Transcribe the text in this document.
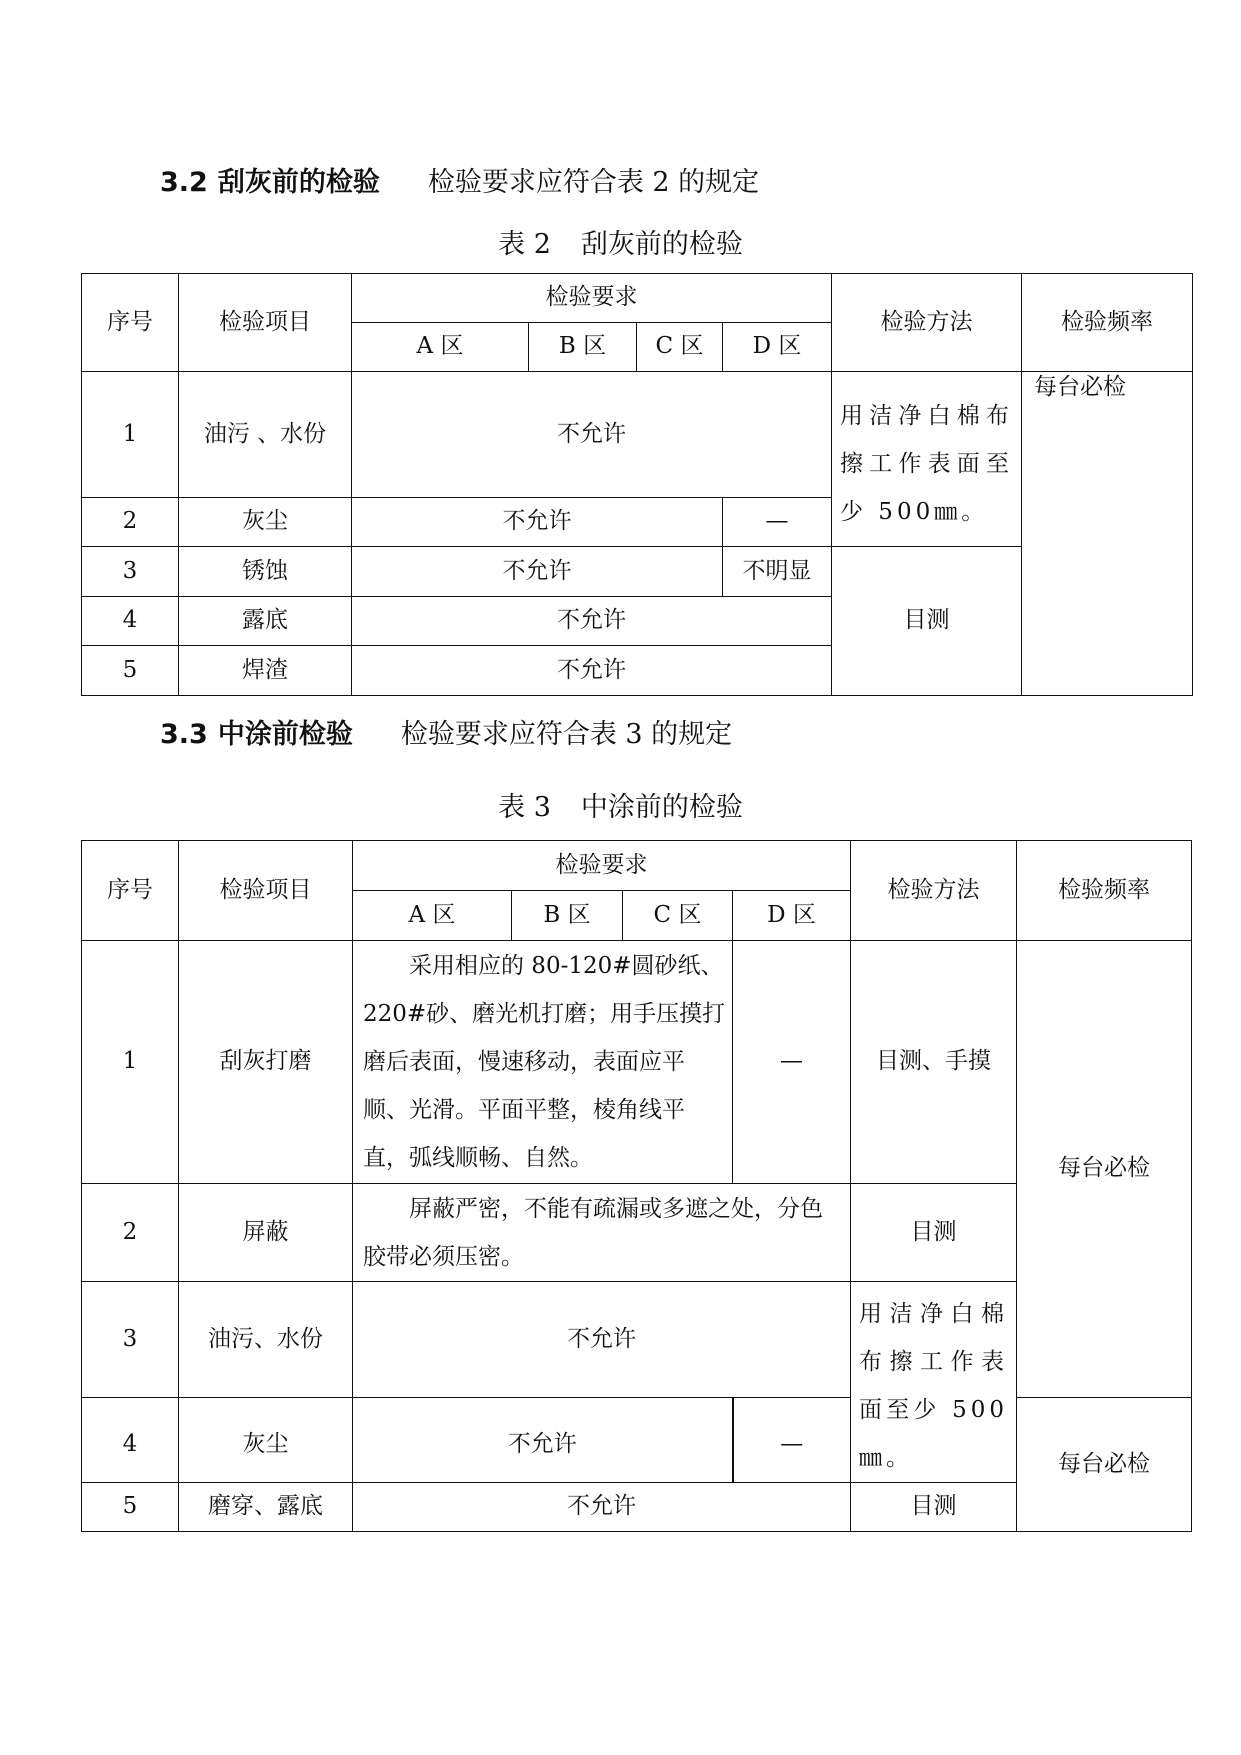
3.2 刮灰前的检验 检验要求应符合表 2 的规定
表 2 刮灰前的检验
序号	检验项目	检验要求				检验方法	检验频率
		A 区	B 区	C 区	D 区		
1	油污 、水份	不允许				用洁净白棉布擦工作表面至少 500㎜。	每台必检

2	灰尘	不允许			—		
3	锈蚀	不允许			不明显	目测	
4	露底	不允许					
5	焊渣	不允许					
3.3 中涂前检验 检验要求应符合表 3 的规定
表 3 中涂前的检验
序号	检验项目	检验要求				检验方法	检验频率
		A 区	B 区	C 区	D 区		
1	刮灰打磨	采用相应的 80-120#圆砂纸、220#砂、磨光机打磨；用手压摸打磨后表面，慢速移动，表面应平顺、光滑。平面平整，棱角线平直，弧线顺畅、自然。			—	目测、手摸	每台必检
2	屏蔽	屏蔽严密，不能有疏漏或多遮之处，分色胶带必须压密。				目测	
3	油污、水份	不允许				用洁净白棉布擦工作表面至少 500㎜。	

4	灰尘	不允许			—		每台必检
5	磨穿、露底	不允许				目测	
